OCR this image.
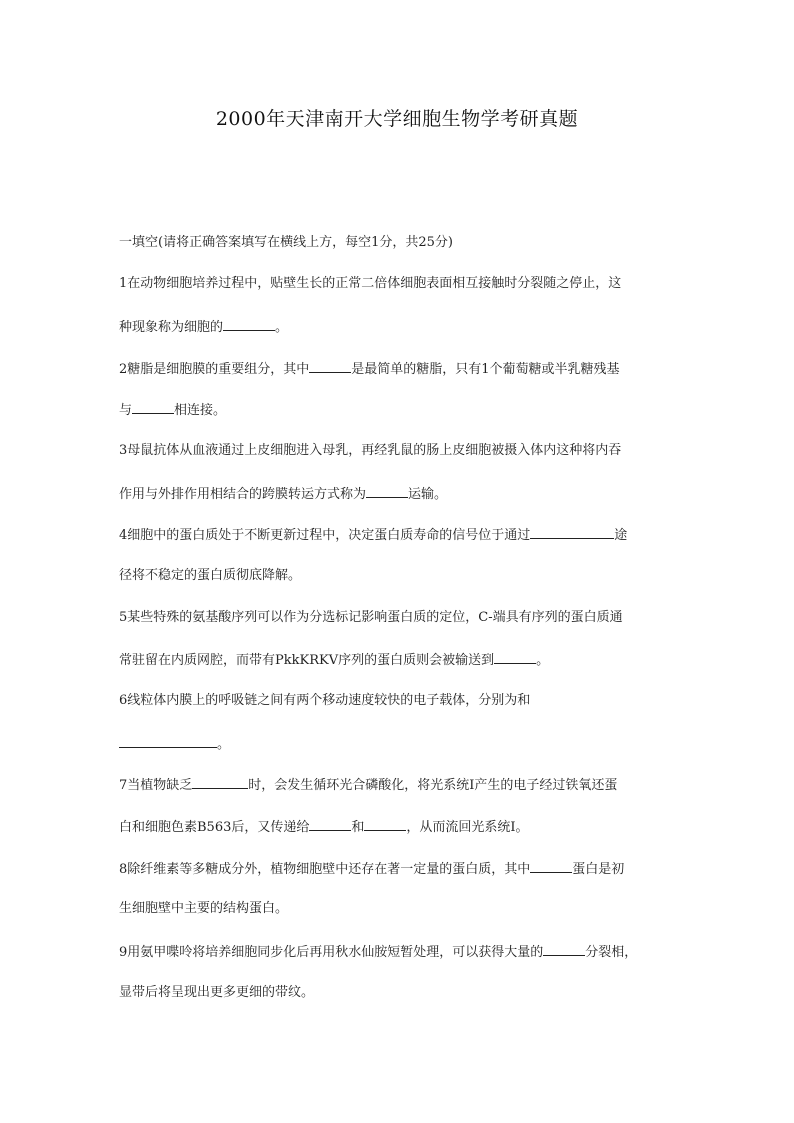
2000年天津南开大学细胞生物学考研真题
一填空(请将正确答案填写在横线上方，每空1分，共25分)
1在动物细胞培养过程中，贴壁生长的正常二倍体细胞表面相互接触时分裂随之停止，这
种现象称为细胞的	。
2糖脂是细胞膜的重要组分，其中	是最简单的糖脂，只有1个葡萄糖或半乳糖残基
与	相连接。
3母鼠抗体从血液通过上皮细胞进入母乳，再经乳鼠的肠上皮细胞被摄入体内这种将内吞
作用与外排作用相结合的跨膜转运方式称为	运输。
4细胞中的蛋白质处于不断更新过程中，决定蛋白质寿命的信号位于通过	途
径将不稳定的蛋白质彻底降解。
5某些特殊的氨基酸序列可以作为分选标记影响蛋白质的定位，C-端具有序列的蛋白质通
常驻留在内质网腔，而带有PkkKRKV序列的蛋白质则会被输送到	。
6线粒体内膜上的呼吸链之间有两个移动速度较快的电子载体，分别为和
。
7当植物缺乏	时，会发生循环光合磷酸化，将光系统Ⅰ产生的电子经过铁氧还蛋
白和细胞色素B563后，又传递给	和	，从而流回光系统Ⅰ。
8除纤维素等多糖成分外，植物细胞壁中还存在著一定量的蛋白质，其中	蛋白是初
生细胞壁中主要的结构蛋白。
9用氨甲喋呤将培养细胞同步化后再用秋水仙胺短暂处理，可以获得大量的	分裂相，
显带后将呈现出更多更细的带纹。
